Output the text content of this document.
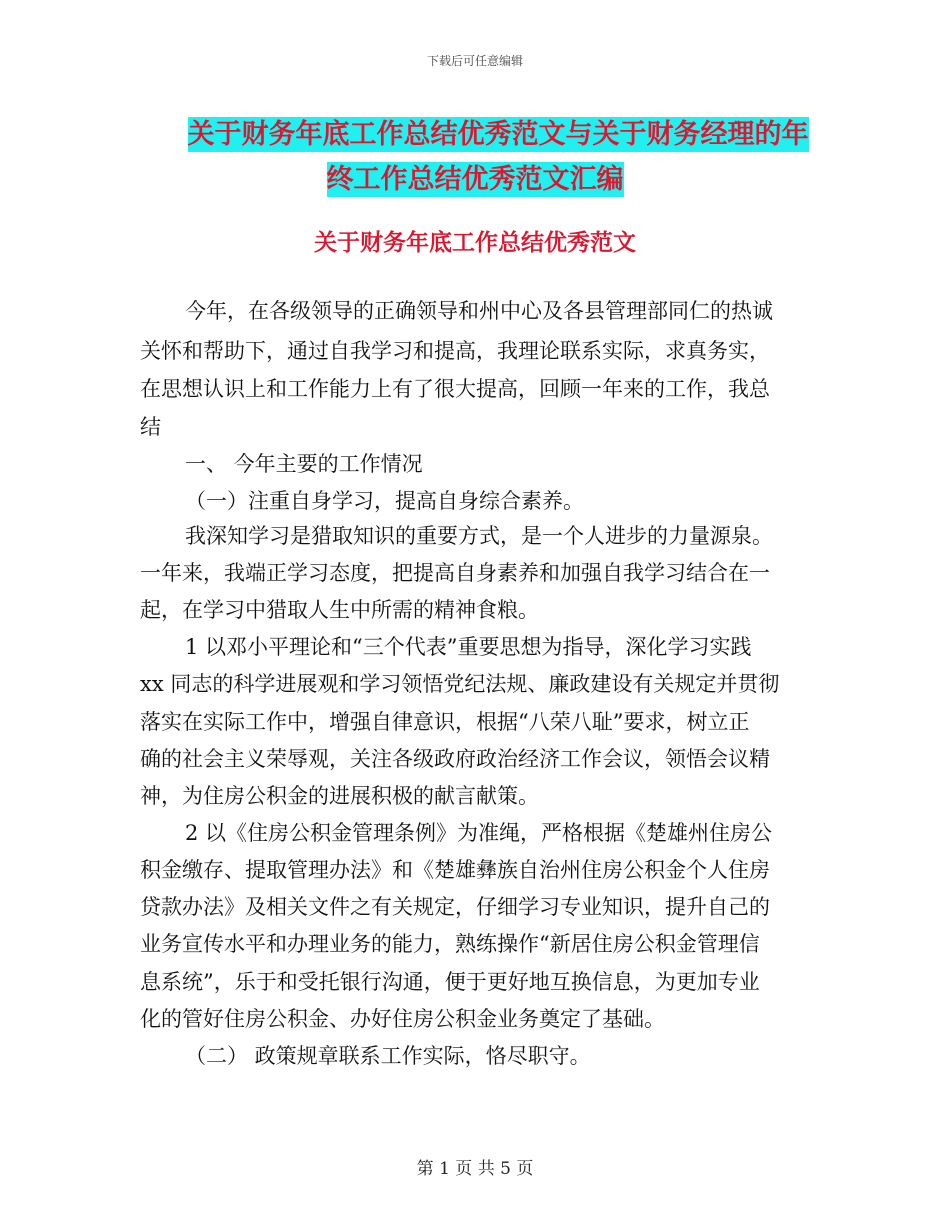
下载后可任意编辑
关于财务年底工作总结优秀范文与关于财务经理的年
终工作总结优秀范文汇编
关于财务年底工作总结优秀范文
今年，在各级领导的正确领导和州中心及各县管理部同仁的热诚
关怀和帮助下，通过自我学习和提高，我理论联系实际，求真务实，
在思想认识上和工作能力上有了很大提高，回顾一年来的工作，我总
结
一、 今年主要的工作情况
（一）注重自身学习，提高自身综合素养。
我深知学习是猎取知识的重要方式，是一个人进步的力量源泉。
一年来，我端正学习态度，把提高自身素养和加强自我学习结合在一
起，在学习中猎取人生中所需的精神食粮。
1 以邓小平理论和“三个代表”重要思想为指导，深化学习实践
xx 同志的科学进展观和学习领悟党纪法规、廉政建设有关规定并贯彻
落实在实际工作中，增强自律意识，根据“八荣八耻”要求，树立正
确的社会主义荣辱观，关注各级政府政治经济工作会议，领悟会议精
神，为住房公积金的进展积极的献言献策。
2 以《住房公积金管理条例》为准绳，严格根据《楚雄州住房公
积金缴存、提取管理办法》和《楚雄彝族自治州住房公积金个人住房
贷款办法》及相关文件之有关规定，仔细学习专业知识，提升自己的
业务宣传水平和办理业务的能力，熟练操作“新居住房公积金管理信
息系统”，乐于和受托银行沟通，便于更好地互换信息，为更加专业
化的管好住房公积金、办好住房公积金业务奠定了基础。
（二） 政策规章联系工作实际，恪尽职守。
第 1 页 共 5 页
